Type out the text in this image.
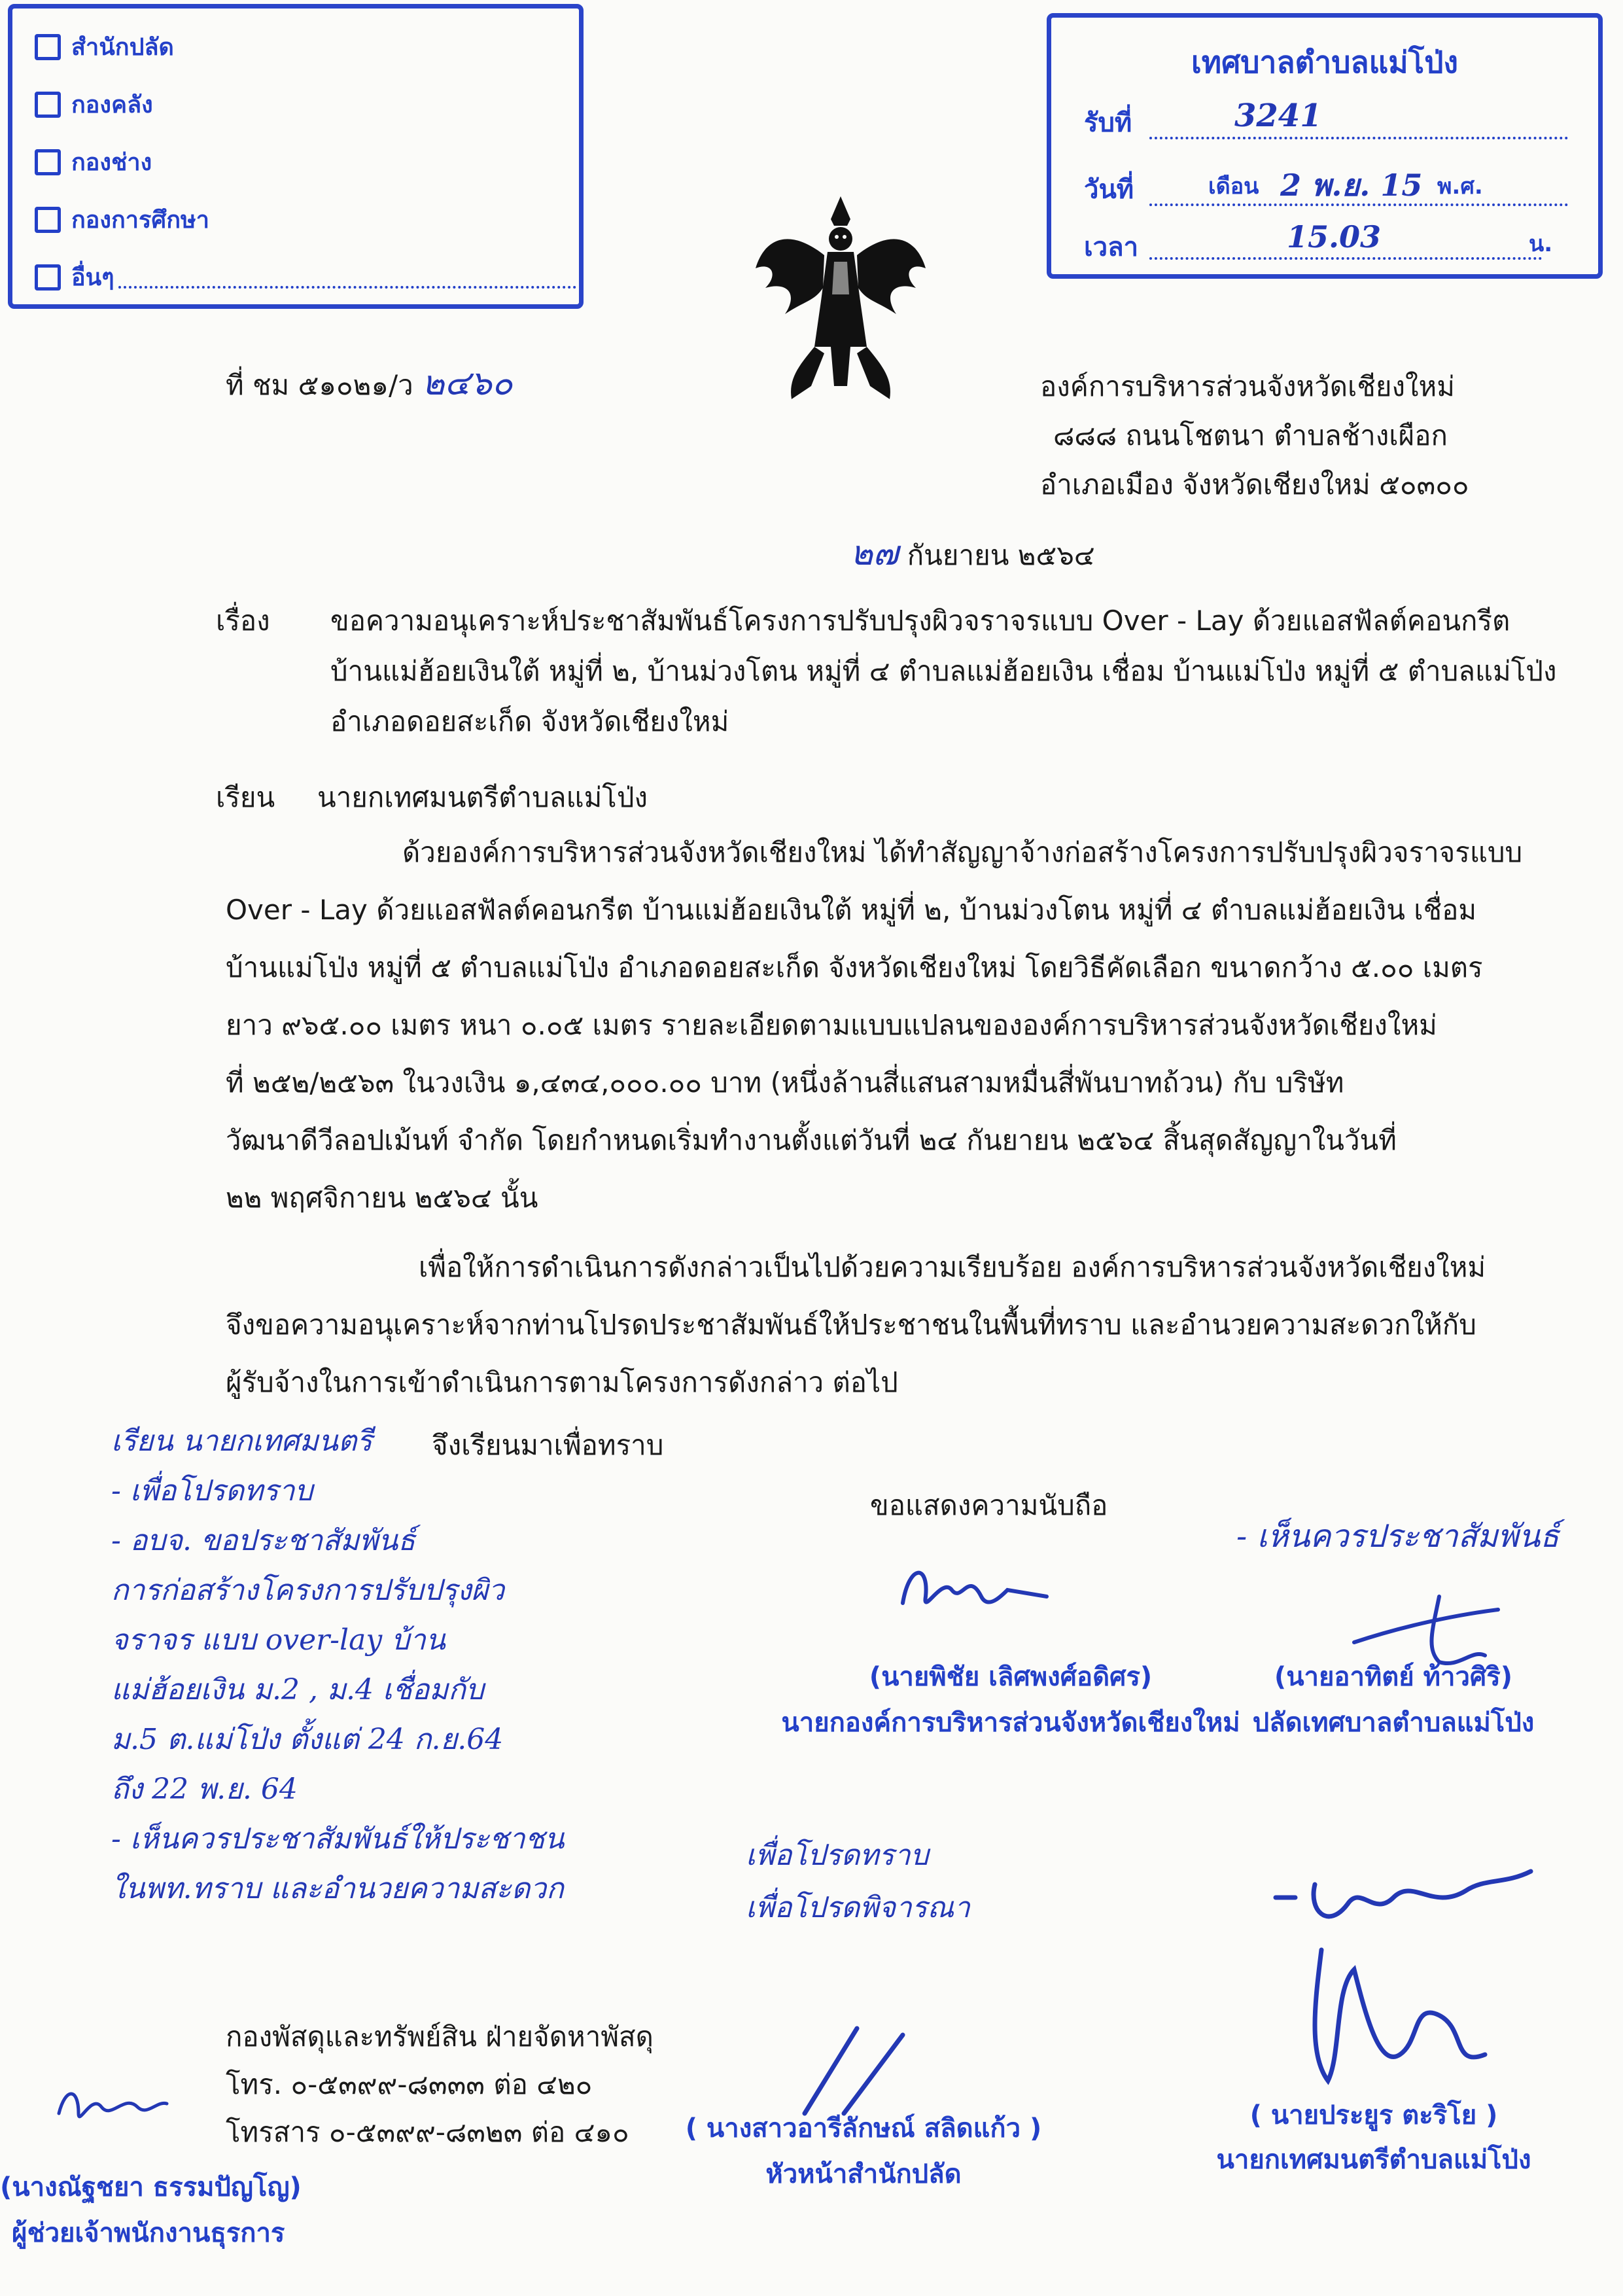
สำนักปลัด
กองคลัง
กองช่าง
กองการศึกษา
อื่นๆ
เทศบาลตำบลแม่โป่ง
รับที่	3241
วันที่	เดือน 2 พ.ย. 15 พ.ศ.
เวลา	15.03	น.
ที่ ชม ๕๑๐๒๑/ว ๒๔๖๐	องค์การบริหารส่วนจังหวัดเชียงใหม่
๘๘๘ ถนนโชตนา ตำบลช้างเผือก
อำเภอเมือง จังหวัดเชียงใหม่ ๕๐๓๐๐
๒๗ กันยายน ๒๕๖๔
เรื่อง ขอความอนุเคราะห์ประชาสัมพันธ์โครงการปรับปรุงผิวจราจรแบบ Over - Lay ด้วยแอสฟัลต์คอนกรีต
บ้านแม่ฮ้อยเงินใต้ หมู่ที่ ๒, บ้านม่วงโตน หมู่ที่ ๔ ตำบลแม่ฮ้อยเงิน เชื่อม บ้านแม่โป่ง หมู่ที่ ๕ ตำบลแม่โป่ง
อำเภอดอยสะเก็ด จังหวัดเชียงใหม่
เรียน นายกเทศมนตรีตำบลแม่โป่ง
ด้วยองค์การบริหารส่วนจังหวัดเชียงใหม่ ได้ทำสัญญาจ้างก่อสร้างโครงการปรับปรุงผิวจราจรแบบ
Over - Lay ด้วยแอสฟัลต์คอนกรีต บ้านแม่ฮ้อยเงินใต้ หมู่ที่ ๒, บ้านม่วงโตน หมู่ที่ ๔ ตำบลแม่ฮ้อยเงิน เชื่อม
บ้านแม่โป่ง หมู่ที่ ๕ ตำบลแม่โป่ง อำเภอดอยสะเก็ด จังหวัดเชียงใหม่ โดยวิธีคัดเลือก ขนาดกว้าง ๕.๐๐ เมตร
ยาว ๙๖๕.๐๐ เมตร หนา ๐.๐๕ เมตร รายละเอียดตามแบบแปลนขององค์การบริหารส่วนจังหวัดเชียงใหม่
ที่ ๒๕๒/๒๕๖๓ ในวงเงิน ๑,๔๓๔,๐๐๐.๐๐ บาท (หนึ่งล้านสี่แสนสามหมื่นสี่พันบาทถ้วน) กับ บริษัท
วัฒนาดีวีลอปเม้นท์ จำกัด โดยกำหนดเริ่มทำงานตั้งแต่วันที่ ๒๔ กันยายน ๒๕๖๔ สิ้นสุดสัญญาในวันที่
๒๒ พฤศจิกายน ๒๕๖๔ นั้น
เพื่อให้การดำเนินการดังกล่าวเป็นไปด้วยความเรียบร้อย องค์การบริหารส่วนจังหวัดเชียงใหม่
จึงขอความอนุเคราะห์จากท่านโปรดประชาสัมพันธ์ให้ประชาชนในพื้นที่ทราบ และอำนวยความสะดวกให้กับ
ผู้รับจ้างในการเข้าดำเนินการตามโครงการดังกล่าว ต่อไป
จึงเรียนมาเพื่อทราบ
เรียน นายกเทศมนตรี
- เพื่อโปรดทราบ
- อบจ. ขอประชาสัมพันธ์
การก่อสร้างโครงการปรับปรุงผิว
จราจร แบบ over-lay บ้าน
แม่ฮ้อยเงิน ม.2 , ม.4 เชื่อมกับ
ม.5 ต.แม่โป่ง ตั้งแต่ 24 ก.ย.64
ถึง 22 พ.ย. 64
- เห็นควรประชาสัมพันธ์ให้ประชาชน
ในพท.ทราบ และอำนวยความสะดวก
ขอแสดงความนับถือ
(นายพิชัย เลิศพงศ์อดิศร)
นายกองค์การบริหารส่วนจังหวัดเชียงใหม่
- เห็นควรประชาสัมพันธ์
(นายอาทิตย์ ท้าวศิริ)
ปลัดเทศบาลตำบลแม่โป่ง
เพื่อโปรดทราบ
เพื่อโปรดพิจารณา
( นายประยูร ตะริโย )
นายกเทศมนตรีตำบลแม่โป่ง
( นางสาวอารีลักษณ์ สลิดแก้ว )
หัวหน้าสำนักปลัด
กองพัสดุและทรัพย์สิน ฝ่ายจัดหาพัสดุ
โทร. ๐-๕๓๙๙-๘๓๓๓ ต่อ ๔๒๐
โทรสาร ๐-๕๓๙๙-๘๓๒๓ ต่อ ๔๑๐
(นางณัฐชยา ธรรมปัญโญ)
ผู้ช่วยเจ้าพนักงานธุรการ
